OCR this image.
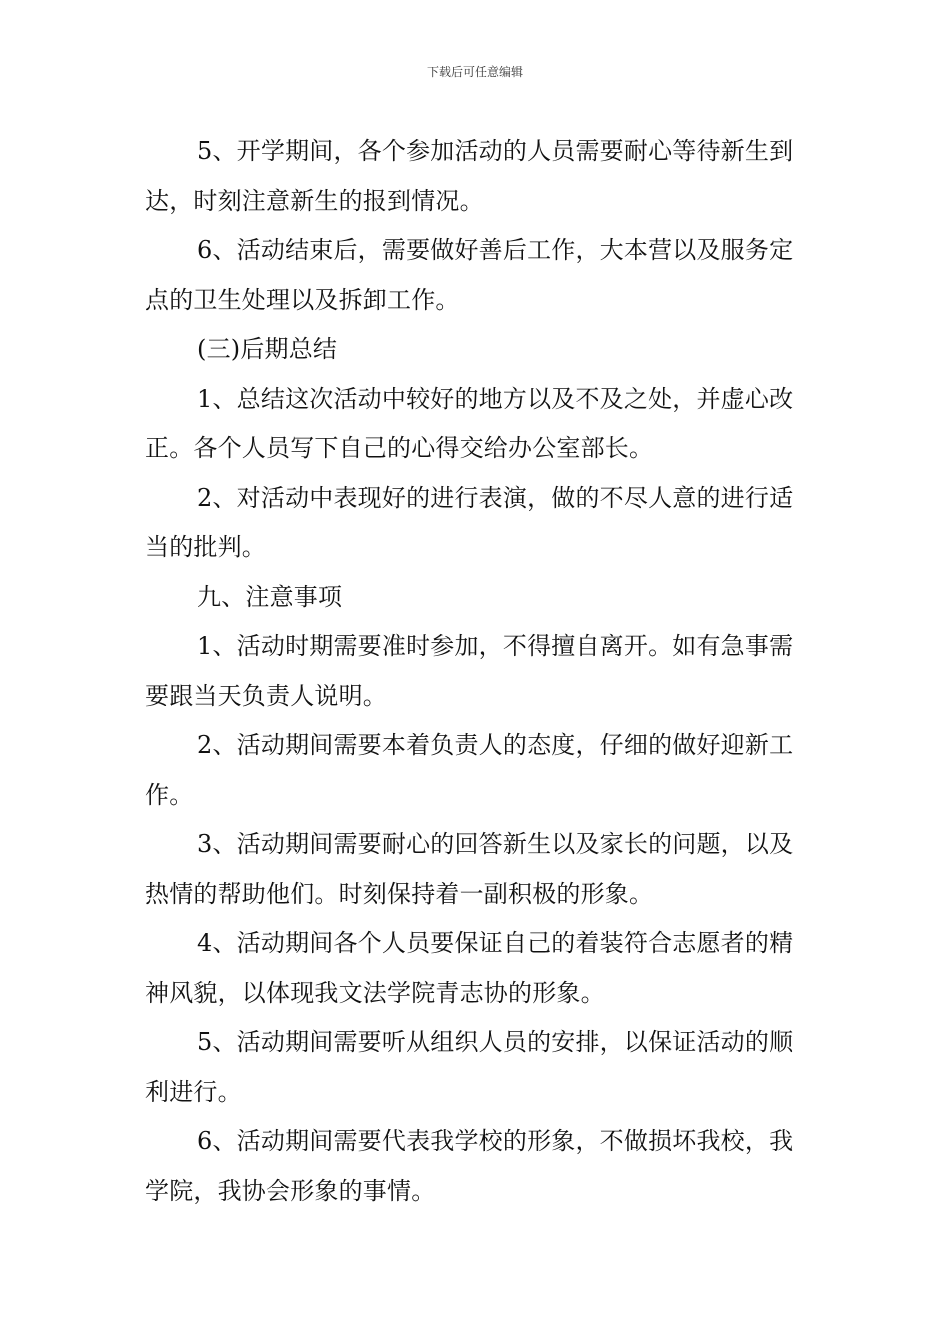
下载后可任意编辑

5、开学期间，各个参加活动的人员需要耐心等待新生到达，时刻注意新生的报到情况。

6、活动结束后，需要做好善后工作，大本营以及服务定点的卫生处理以及拆卸工作。

(三)后期总结

1、总结这次活动中较好的地方以及不及之处，并虚心改正。各个人员写下自己的心得交给办公室部长。

2、对活动中表现好的进行表演，做的不尽人意的进行适当的批判。

九、注意事项

1、活动时期需要准时参加，不得擅自离开。如有急事需要跟当天负责人说明。

2、活动期间需要本着负责人的态度，仔细的做好迎新工作。

3、活动期间需要耐心的回答新生以及家长的问题，以及热情的帮助他们。时刻保持着一副积极的形象。

4、活动期间各个人员要保证自己的着装符合志愿者的精神风貌，以体现我文法学院青志协的形象。

5、活动期间需要听从组织人员的安排，以保证活动的顺利进行。

6、活动期间需要代表我学校的形象，不做损坏我校，我学院，我协会形象的事情。
